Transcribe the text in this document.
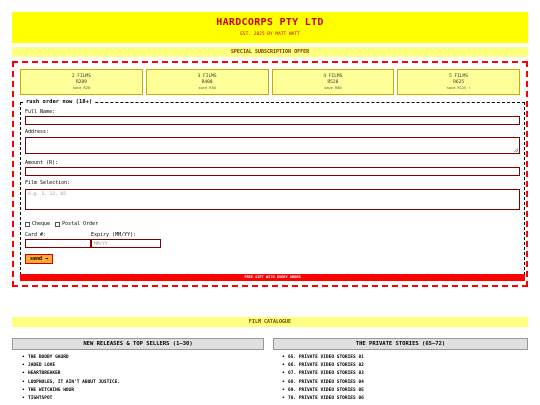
HARDCORPS PTY LTD
EST. 2025 BY MATT WATT
SPECIAL SUBSCRIPTION OFFER
2 FILMS
R289
save R20
3 FILMS
R400
save R50
4 FILMS
R520
save R80
5 FILMS
R625
save R125 !
rush order now (18+)
Full Name:
Address:
Amount (R):
Film Selection:
e.g. 1, 12, 65
Cheque Postal Order
Card #:	Expiry (MM/YY):
MM/YY
send →
FREE GIFT WITH EVERY ORDER
FILM CATALOGUE
NEW RELEASES & TOP SELLERS (1–30)
• THE BOOBY GAURD
• JADED LOVE
• HEARTBREAKER
• LOOPHOLES, IT AIN'T ABOUT JUSTICE.
• THE WITCHING HOUR
• TIGHTSPOT
THE PRIVATE STORIES (65–72)
• 65. PRIVATE VIDEO STORIES 01
• 66. PRIVATE VIDEO STORIES 02
• 67. PRIVATE VIDEO STORIES 03
• 68. PRIVATE VIDEO STORIES 04
• 69. PRIVATE VIDEO STORIES 05
• 70. PRIVATE VIDEO STORIES 06
